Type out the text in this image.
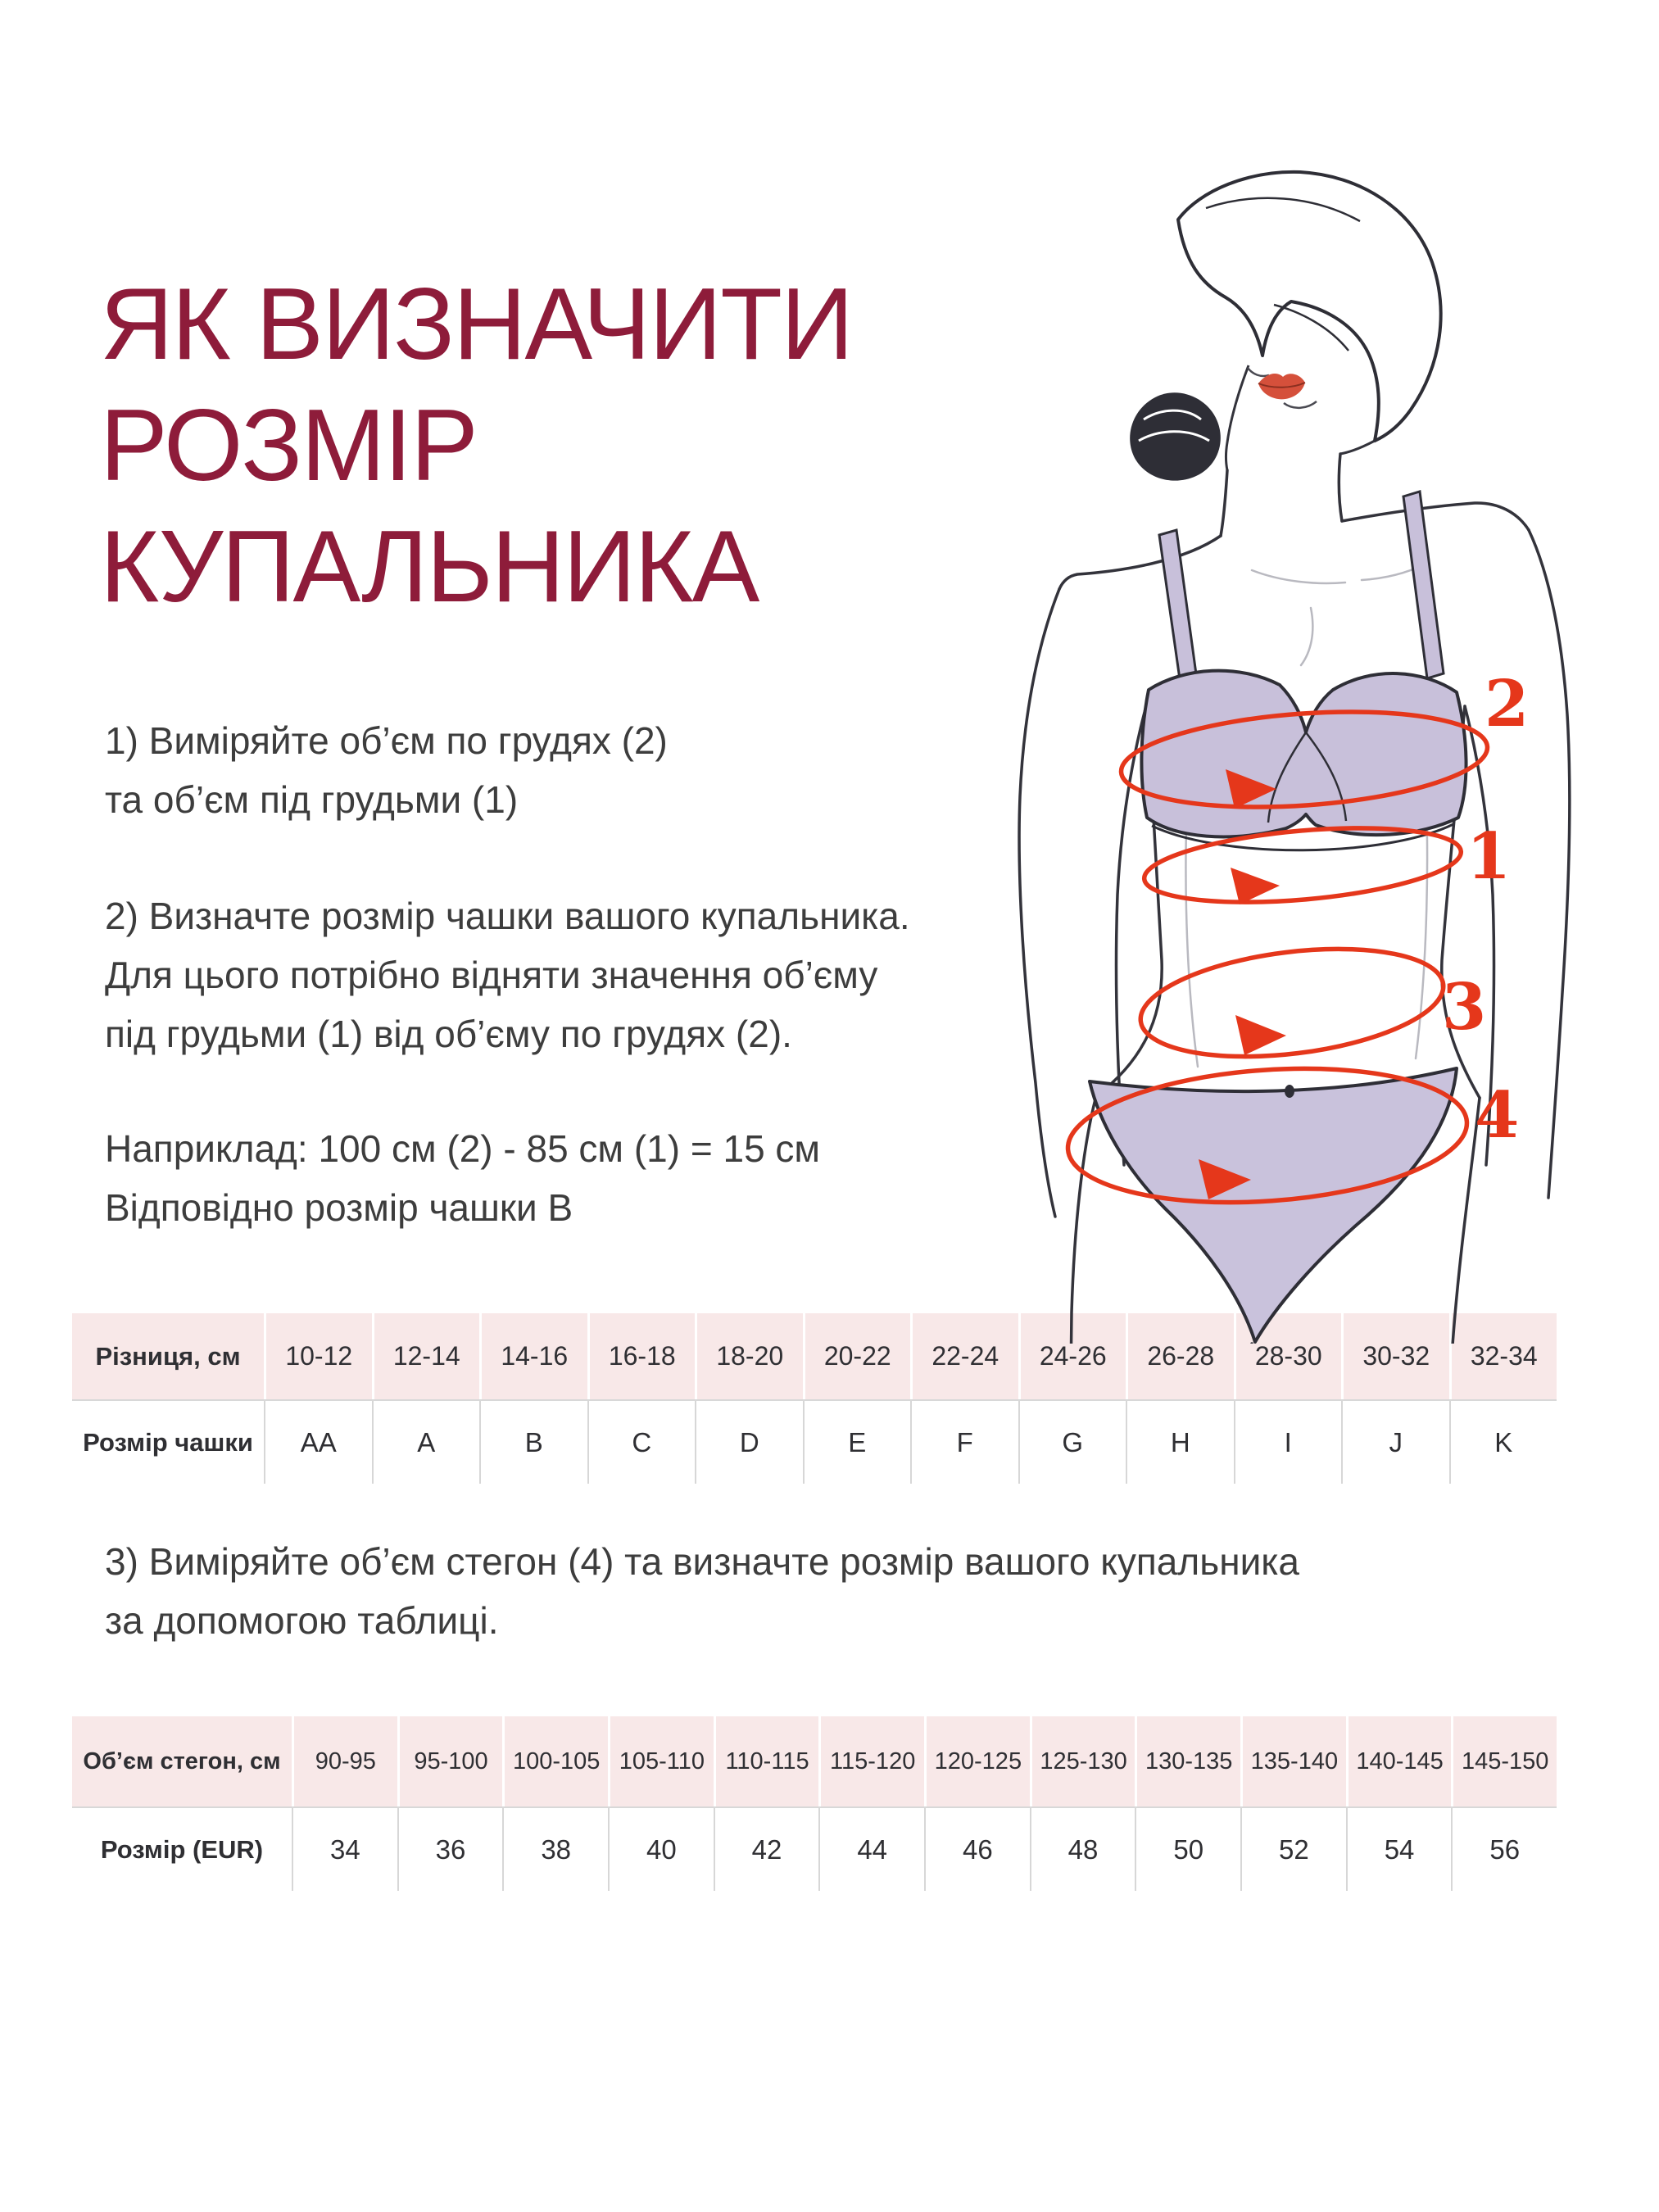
ЯК ВИЗНАЧИТИ
РОЗМІР
КУПАЛЬНИКА
1) Виміряйте об’єм по грудях (2)
та об’єм під грудьми (1)
2) Визначте розмір чашки вашого купальника.
Для цього потрібно відняти значення об’єму
під грудьми (1) від об’єму по грудях (2).
Наприклад: 100 см (2) - 85 см (1) = 15 см
Відповідно розмір чашки B
Різниця, см	10-12	12-14	14-16	16-18	18-20	20-22	22-24	24-26	26-28	28-30	30-32	32-34
Розмір чашки	AA	A	B	C	D	E	F	G	H	I	J	K
3) Виміряйте об’єм стегон (4) та визначте розмір вашого купальника
за допомогою таблиці.
Об’єм стегон, см	90-95	95-100	100-105 105-110 110-115 115-120 120-125 125-130 130-135 135-140 140-145 145-150
Розмір (EUR)	34	36	38	40	42	44	46	48	50	52	54	56
2
1
3
4
